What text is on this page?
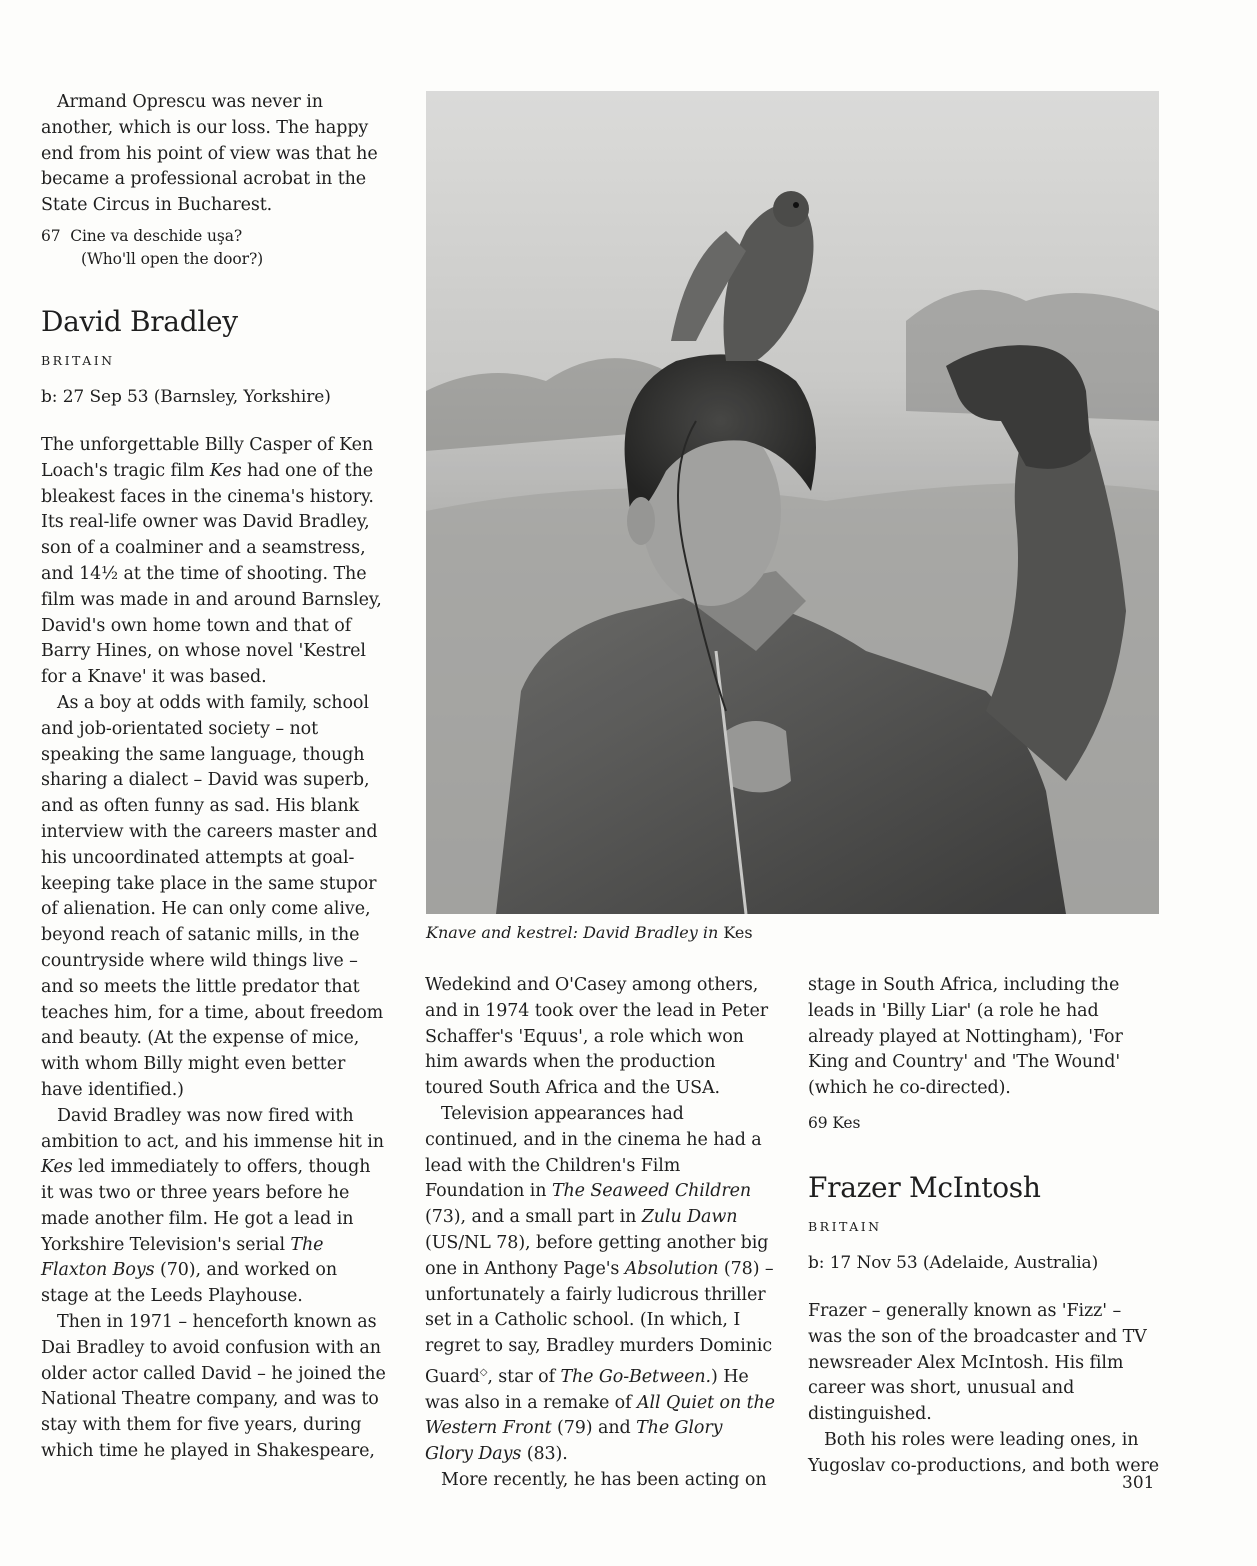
Armand Oprescu was never in another, which is our loss. The happy end from his point of view was that he became a professional acrobat in the State Circus in Bucharest.

67 Cine va deschide uşa?
(Who'll open the door?)
David Bradley
BRITAIN
b: 27 Sep 53 (Barnsley, Yorkshire)

The unforgettable Billy Casper of Ken Loach's tragic film Kes had one of the bleakest faces in the cinema's history. Its real-life owner was David Bradley, son of a coalminer and a seamstress, and 14½ at the time of shooting. The film was made in and around Barnsley, David's own home town and that of Barry Hines, on whose novel 'Kestrel for a Knave' it was based.

As a boy at odds with family, school and job-orientated society – not speaking the same language, though sharing a dialect – David was superb, and as often funny as sad. His blank interview with the careers master and his uncoordinated attempts at goal-keeping take place in the same stupor of alienation. He can only come alive, beyond reach of satanic mills, in the countryside where wild things live – and so meets the little predator that teaches him, for a time, about freedom and beauty. (At the expense of mice, with whom Billy might even better have identified.)

David Bradley was now fired with ambition to act, and his immense hit in Kes led immediately to offers, though it was two or three years before he made another film. He got a lead in Yorkshire Television's serial The Flaxton Boys (70), and worked on stage at the Leeds Playhouse.

Then in 1971 – henceforth known as Dai Bradley to avoid confusion with an older actor called David – he joined the National Theatre company, and was to stay with them for five years, during which time he played in Shakespeare,

Knave and kestrel: David Bradley in Kes

Wedekind and O'Casey among others, and in 1974 took over the lead in Peter Schaffer's 'Equus', a role which won him awards when the production toured South Africa and the USA.

Television appearances had continued, and in the cinema he had a lead with the Children's Film Foundation in The Seaweed Children (73), and a small part in Zulu Dawn (US/NL 78), before getting another big one in Anthony Page's Absolution (78) – unfortunately a fairly ludicrous thriller set in a Catholic school. (In which, I regret to say, Bradley murders Dominic Guard◇, star of The Go-Between.) He was also in a remake of All Quiet on the Western Front (79) and The Glory Glory Days (83).

More recently, he has been acting on

stage in South Africa, including the leads in 'Billy Liar' (a role he had already played at Nottingham), 'For King and Country' and 'The Wound' (which he co-directed).

69 Kes
Frazer McIntosh
BRITAIN
b: 17 Nov 53 (Adelaide, Australia)

Frazer – generally known as 'Fizz' – was the son of the broadcaster and TV newsreader Alex McIntosh. His film career was short, unusual and distinguished.

Both his roles were leading ones, in Yugoslav co-productions, and both were

301
